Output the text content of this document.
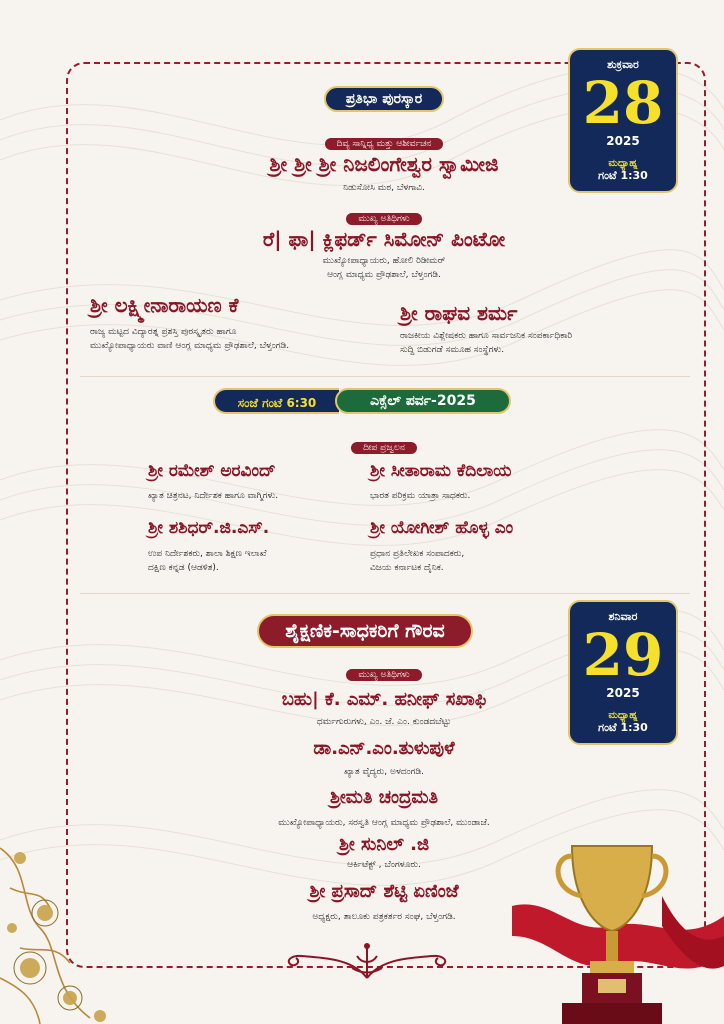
ಶುಕ್ರವಾರ
28
2025
ಮಧ್ಯಾಹ್ನ
ಗಂಟೆ 1:30
ಪ್ರತಿಭಾ ಪುರಸ್ಕಾರ
ದಿವ್ಯ ಸಾನ್ನಿಧ್ಯ ಮತ್ತು ಆಶೀರ್ವಚನ
ಶ್ರೀ ಶ್ರೀ ಶ್ರೀ ನಿಜಲಿಂಗೇಶ್ವರ ಸ್ವಾಮೀಜಿ
ನಿಡುಸೋಸಿ ಮಠ, ಬೆಳಗಾವಿ.
ಮುಖ್ಯ ಅತಿಥಿಗಳು
ರೆ| ಫಾ| ಕ್ಲಿಫರ್ಡ್ ಸಿಮೋನ್ ಪಿಂಟೋ
ಮುಖ್ಯೋಪಾಧ್ಯಾಯರು, ಹೋಲಿ ರಿಡೀಮರ್
ಆಂಗ್ಲ ಮಾಧ್ಯಮ ಪ್ರೌಢಶಾಲೆ, ಬೆಳ್ತಂಗಡಿ.
ಶ್ರೀ ಲಕ್ಷ್ಮೀನಾರಾಯಣ ಕೆ
ರಾಜ್ಯ ಮಟ್ಟದ ವಿದ್ಯಾರತ್ನ ಪ್ರಶಸ್ತಿ ಪುರಸ್ಕೃತರು ಹಾಗೂ
ಮುಖ್ಯೋಪಾಧ್ಯಾಯರು ವಾಣಿ ಆಂಗ್ಲ ಮಾಧ್ಯಮ ಪ್ರೌಢಶಾಲೆ, ಬೆಳ್ತಂಗಡಿ.
ಶ್ರೀ ರಾಘವ ಶರ್ಮ
ರಾಜಕೀಯ ವಿಶ್ಲೇಷಕರು ಹಾಗೂ ಸಾರ್ವಜನಿಕ ಸಂಪರ್ಕಾಧಿಕಾರಿ
ಸುದ್ದಿ ಬಿಡುಗಡೆ ಸಮೂಹ ಸಂಸ್ಥೆಗಳು.
ಸಂಜೆ ಗಂಟೆ 6:30	ಎಕ್ಸೆಲ್ ಪರ್ವ-2025
ದೀಪ ಪ್ರಜ್ವಲನ
ಶ್ರೀ ರಮೇಶ್ ಅರವಿಂದ್
ಖ್ಯಾತ ಚಿತ್ರನಟ, ನಿರ್ದೇಶಕ ಹಾಗೂ ವಾಗ್ಮಿಗಳು.
ಶ್ರೀ ಸೀತಾರಾಮ ಕೆದಿಲಾಯ
ಭಾರತ ಪರಿಕ್ರಮ ಯಾತ್ರಾ ಸಾಧಕರು.
ಶ್ರೀ ಶಶಿಧರ್.ಜಿ.ಎಸ್.
ಉಪ ನಿರ್ದೇಶಕರು, ಶಾಲಾ ಶಿಕ್ಷಣ ಇಲಾಖೆ
ದಕ್ಷಿಣ ಕನ್ನಡ (ಆಡಳಿತ).
ಶ್ರೀ ಯೋಗೀಶ್ ಹೊಳ್ಳ ಎಂ
ಪ್ರಧಾನ ಪ್ರತಿಲೇಖಕ ಸಂಪಾದಕರು,
ವಿಜಯ ಕರ್ನಾಟಕ ದೈನಿಕ.
ಶನಿವಾರ
29
2025
ಮಧ್ಯಾಹ್ನ
ಗಂಟೆ 1:30
ಶೈಕ್ಷಣಿಕ-ಸಾಧಕರಿಗೆ ಗೌರವ
ಮುಖ್ಯ ಅತಿಥಿಗಳು
ಬಹು| ಕೆ. ಎಮ್. ಹನೀಫ್ ಸಖಾಫಿ
ಧರ್ಮಗುರುಗಳು, ಎಂ. ಜೆ. ಎಂ. ಕುಂಡದಬೆಟ್ಟು
ಡಾ.ಎನ್.ಎಂ.ತುಳುಪುಳೆ
ಖ್ಯಾತ ವೈದ್ಯರು, ಅಳದಂಗಡಿ.
ಶ್ರೀಮತಿ ಚಂದ್ರಮತಿ
ಮುಖ್ಯೋಪಾಧ್ಯಾಯರು, ಸರಸ್ವತಿ ಆಂಗ್ಲ ಮಾಧ್ಯಮ ಪ್ರೌಢಶಾಲೆ, ಮುಂಡಾಜೆ.
ಶ್ರೀ ಸುನಿಲ್ .ಜಿ
ಆರ್ಕಿಟೆಕ್ಟ್ , ಬೆಂಗಳೂರು.
ಶ್ರೀ ಪ್ರಸಾದ್ ಶೆಟ್ಟಿ ಏಣಿಂಜೆ
ಅಧ್ಯಕ್ಷರು, ತಾಲೂಕು ಪತ್ರಕರ್ತರ ಸಂಘ, ಬೆಳ್ತಂಗಡಿ.
